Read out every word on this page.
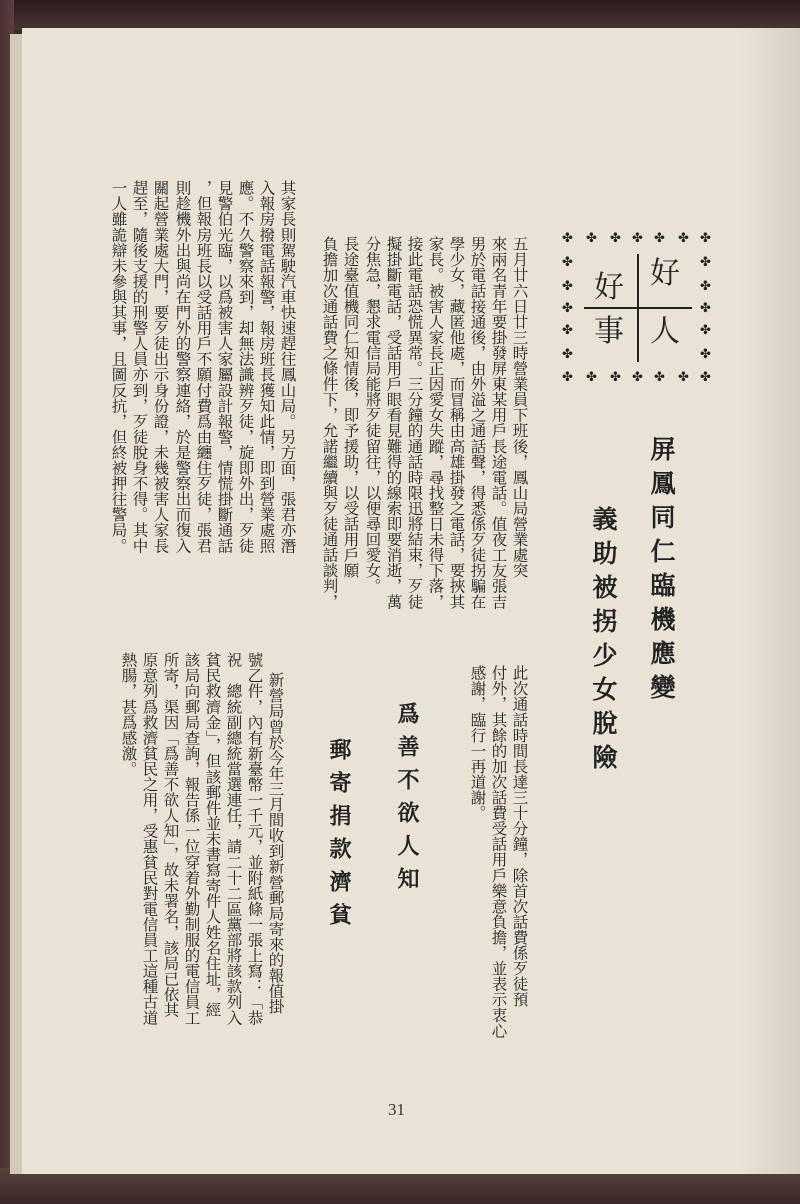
✤ ✤ ✤ ✤ ✤ ✤ ✤
✤ ✤ ✤ ✤ ✤ ✤ ✤
✤
✤
✤
✤
✤
✤
✤
✤
✤
✤
好
人
好
事
屏鳳同仁臨機應變
義助被拐少女脫險
五月廿六日廿三時營業員下班後，鳳山局營業處突
來兩名青年要掛發屏東某用戶長途電話。值夜工友張吉
男於電話接通後，由外溢之通話聲，得悉係歹徒拐騙在
學少女，藏匿他處，而冒稱由高雄掛發之電話，要挾其
家長。被害人家長正因愛女失蹤，尋找整日未得下落，
接此電話恐慌異常。三分鐘的通話時限迅將結束，歹徒
擬掛斷電話，受話用戶眼看見難得的線索即要消逝，萬
分焦急，懇求電信局能將歹徒留往，以便尋回愛女。
長途臺值機同仁知情後，即予援助，以受話用戶願
負擔加次通話費之條件下，允諾繼續與歹徒通話談判，
其家長則駕駛汽車快速趕往鳳山局。另方面，張君亦潛
入報房撥電話報警，報房班長獲知此情，即到營業處照
應。不久警察來到，却無法識辨歹徒，旋即外出，歹徒
見警伯光臨，以爲被害人家屬設計報警，情慌掛斷通話
，但報房班長以受話用戶不願付費爲由纏住歹徒，張君
則趁機外出與尚在門外的警察連絡，於是警察出而復入
關起營業處大門，要歹徒出示身份證，未幾被害人家長
趕至，隨後支援的刑警人員亦到，歹徒脫身不得。其中
一人雖詭辯未參與其事，且圖反抗，但終被押往警局。
此次通話時間長達三十分鐘，除首次話費係歹徒預
付外，其餘的加次話費受話用戶樂意負擔，並表示衷心
感謝，臨行一再道謝。
爲善不欲人知
郵寄捐款濟貧
新營局曾於今年三月間收到新營郵局寄來的報值掛
號乙件，內有新臺幣一千元，並附紙條一張上寫：「恭
祝　總統副總統當選連任，請二十二區黨部將該款列入
貧民救濟金」，但該郵件並未書寫寄件人姓名住址，經
該局向郵局查詢，報告係一位穿着外勤制服的電信員工
所寄，渠因「爲善不欲人知」，故未署名，該局已依其
原意列爲救濟貧民之用，受惠貧民對電信員工這種古道
熱腸，甚爲感激。
31
